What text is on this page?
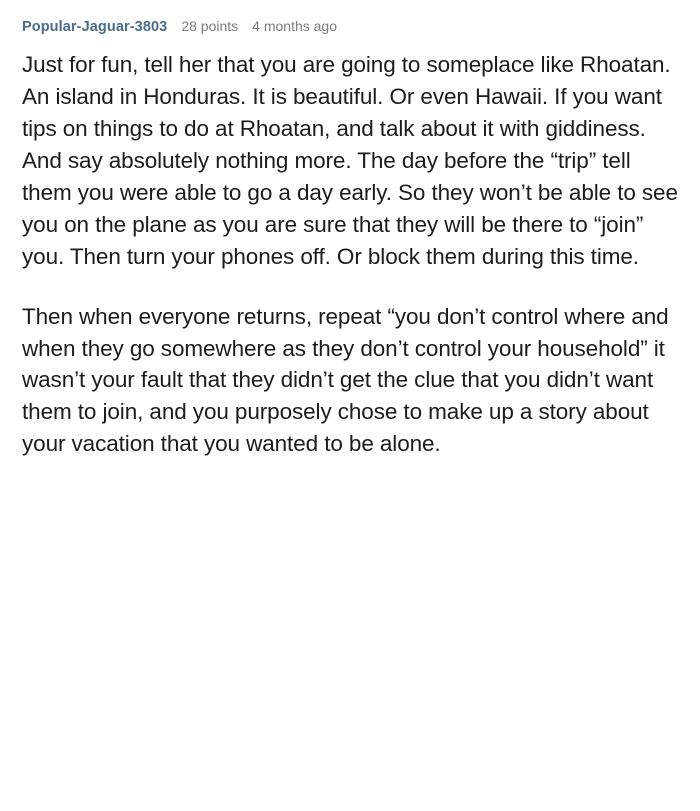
Popular-Jaguar-3803 28 points 4 months ago

Just for fun, tell her that you are going to someplace like Rhoatan. An island in Honduras. It is beautiful. Or even Hawaii. If you want tips on things to do at Rhoatan, and talk about it with giddiness. And say absolutely nothing more. The day before the “trip” tell them you were able to go a day early. So they won’t be able to see you on the plane as you are sure that they will be there to “join” you. Then turn your phones off. Or block them during this time.

Then when everyone returns, repeat “you don’t control where and when they go somewhere as they don’t control your household” it wasn’t your fault that they didn’t get the clue that you didn’t want them to join, and you purposely chose to make up a story about your vacation that you wanted to be alone.
